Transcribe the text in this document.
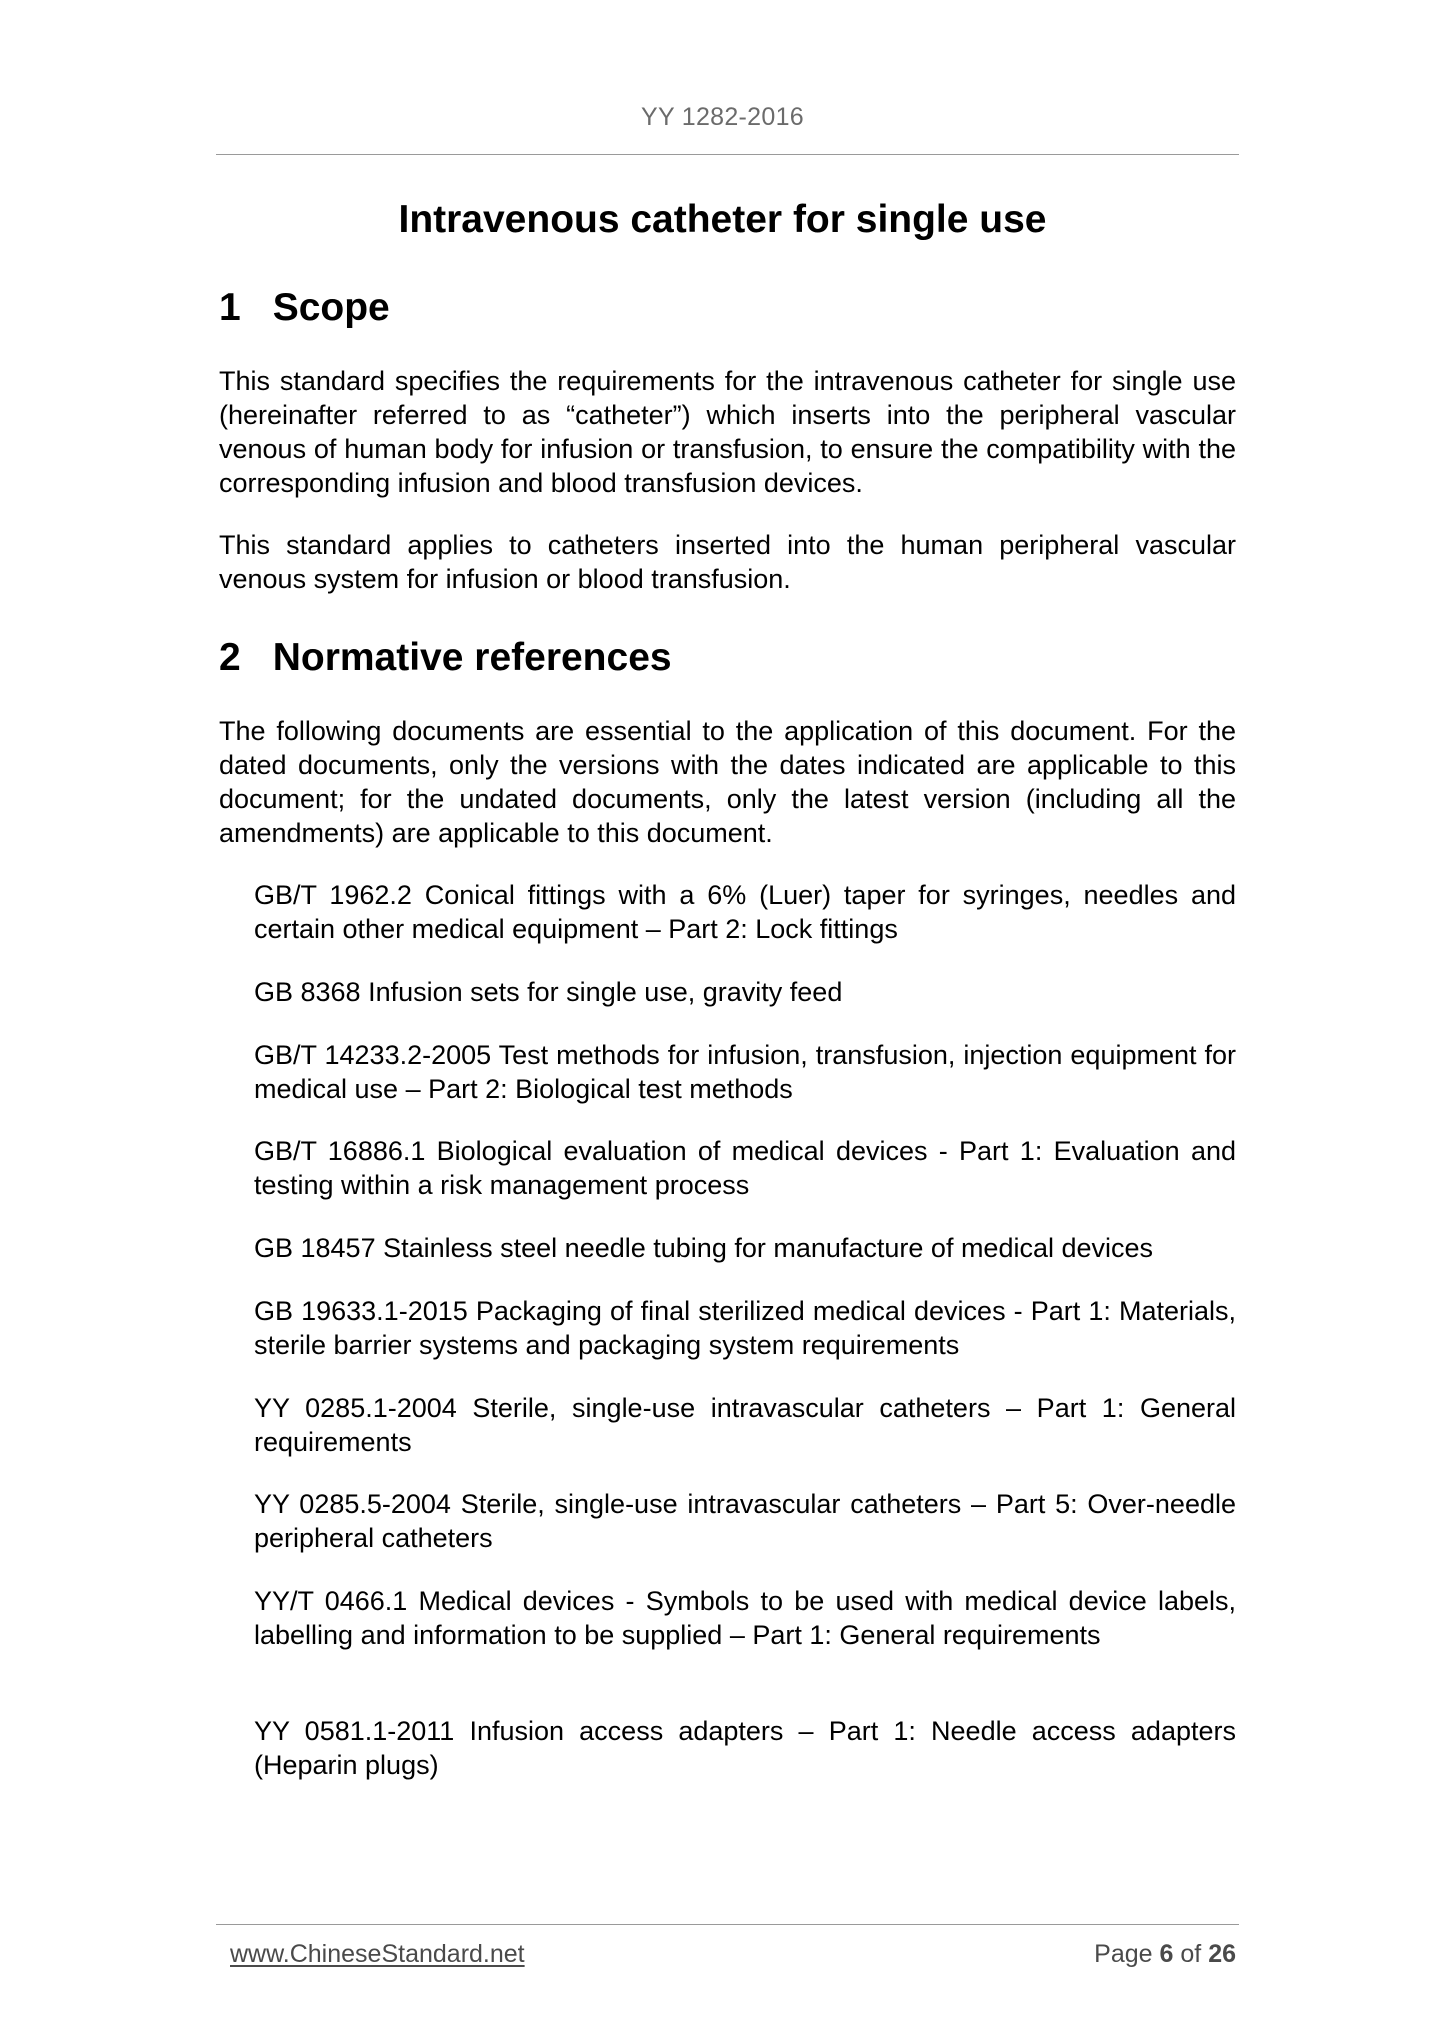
YY 1282-2016
Intravenous catheter for single use
1 Scope

This standard specifies the requirements for the intravenous catheter for single use (hereinafter referred to as “catheter”) which inserts into the peripheral vascular venous of human body for infusion or transfusion, to ensure the compatibility with the corresponding infusion and blood transfusion devices.

This standard applies to catheters inserted into the human peripheral vascular venous system for infusion or blood transfusion.

2 Normative references

The following documents are essential to the application of this document. For the dated documents, only the versions with the dates indicated are applicable to this document; for the undated documents, only the latest version (including all the amendments) are applicable to this document.

GB/T 1962.2 Conical fittings with a 6% (Luer) taper for syringes, needles and certain other medical equipment – Part 2: Lock fittings

GB 8368 Infusion sets for single use, gravity feed

GB/T 14233.2-2005 Test methods for infusion, transfusion, injection equipment for medical use – Part 2: Biological test methods

GB/T 16886.1 Biological evaluation of medical devices - Part 1: Evaluation and testing within a risk management process

GB 18457 Stainless steel needle tubing for manufacture of medical devices

GB 19633.1-2015 Packaging of final sterilized medical devices - Part 1: Materials, sterile barrier systems and packaging system requirements

YY 0285.1-2004 Sterile, single-use intravascular catheters – Part 1: General requirements

YY 0285.5-2004 Sterile, single-use intravascular catheters – Part 5: Over-needle peripheral catheters

YY/T 0466.1 Medical devices - Symbols to be used with medical device labels, labelling and information to be supplied – Part 1: General requirements

YY 0581.1-2011 Infusion access adapters – Part 1: Needle access adapters (Heparin plugs)

www.ChineseStandard.net	Page 6 of 26
